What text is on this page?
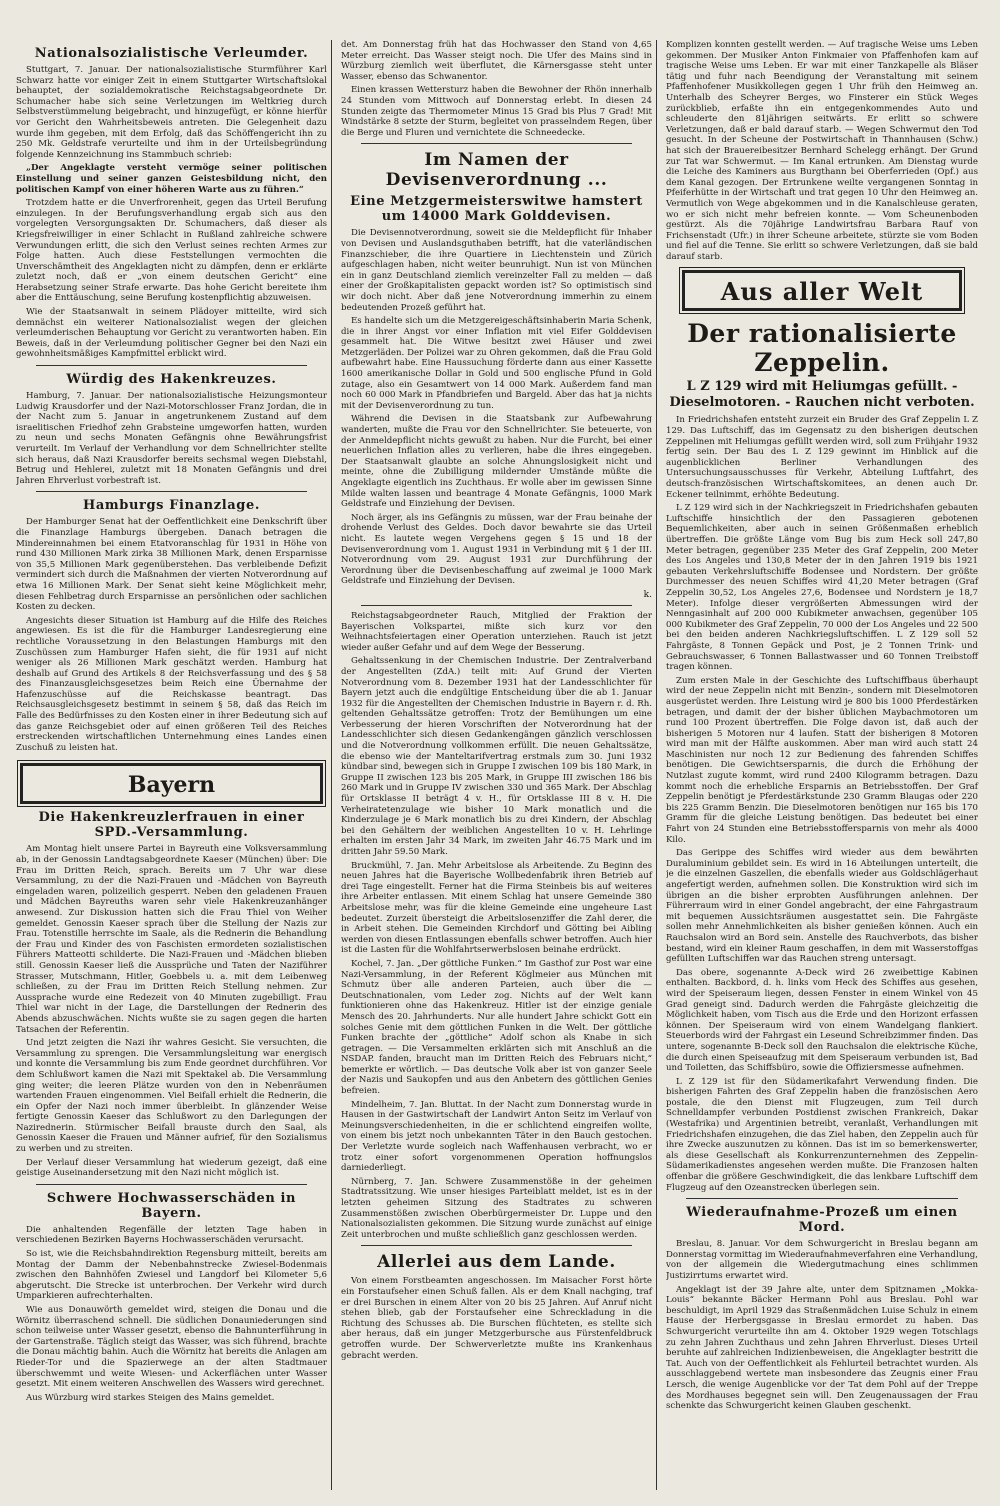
Nationalsozialistische Verleumder.

Stuttgart, 7. Januar. Der nationalsozialistische Sturmführer Karl Schwarz hatte vor einiger Zeit in einem Stuttgarter Wirtschaftslokal behauptet, der sozialdemokratische Reichstagsabgeordnete Dr. Schumacher habe sich seine Verletzungen im Weltkrieg durch Selbstverstümmelung beigebracht, und hinzugefügt, er könne hierfür vor Gericht den Wahrheitsbeweis antreten. Die Gelegenheit dazu wurde ihm gegeben, mit dem Erfolg, daß das Schöffengericht ihn zu 250 Mk. Geldstrafe verurteilte und ihm in der Urteilsbegründung folgende Kennzeichnung ins Stammbuch schrieb:

„Der Angeklagte versteht vermöge seiner politischen Einstellung und seiner ganzen Geistesbildung nicht, den politischen Kampf von einer höheren Warte aus zu führen.“

Trotzdem hatte er die Unverfrorenheit, gegen das Urteil Berufung einzulegen. In der Berufungsverhandlung ergab sich aus den vorgelegten Versorgungsakten Dr. Schumachers, daß dieser als Kriegsfreiwilliger in einer Schlacht in Rußland zahlreiche schwere Verwundungen erlitt, die sich den Verlust seines rechten Armes zur Folge hatten. Auch diese Feststellungen vermochten die Unverschämtheit des Angeklagten nicht zu dämpfen, denn er erklärte zuletzt noch, daß er „von einem deutschen Gericht“ eine Herabsetzung seiner Strafe erwarte. Das hohe Gericht bereitete ihm aber die Enttäuschung, seine Berufung kostenpflichtig abzuweisen.

Wie der Staatsanwalt in seinem Plädoyer mitteilte, wird sich demnächst ein weiterer Nationalsozialist wegen der gleichen verleumderischen Behauptung vor Gericht zu verantworten haben. Ein Beweis, daß in der Verleumdung politischer Gegner bei den Nazi ein gewohnheitsmäßiges Kampfmittel erblickt wird.

Würdig des Hakenkreuzes.

Hamburg, 7. Januar. Der nationalsozialistische Heizungsmonteur Ludwig Krausdorfer und der Nazi-Motorschlosser Franz Jordan, die in der Nacht zum 5. Januar in angetrunkenem Zustand auf dem israelitischen Friedhof zehn Grabsteine umgeworfen hatten, wurden zu neun und sechs Monaten Gefängnis ohne Bewährungsfrist verurteilt. Im Verlauf der Verhandlung vor dem Schnellrichter stellte sich heraus, daß Nazi Krausdorfer bereits sechsmal wegen Diebstahl, Betrug und Hehlerei, zuletzt mit 18 Monaten Gefängnis und drei Jahren Ehrverlust vorbestraft ist.

Hamburgs Finanzlage.

Der Hamburger Senat hat der Oeffentlichkeit eine Denkschrift über die Finanzlage Hamburgs übergeben. Danach betragen die Mindereinnahmen bei einem Etatvoranschlag für 1931 in Höhe von rund 430 Millionen Mark zirka 38 Millionen Mark, denen Ersparnisse von 35,5 Millionen Mark gegenüberstehen. Das verbleibende Defizit vermindert sich durch die Maßnahmen der vierten Notverordnung auf etwa 16 Millionen Mark. Der Senat sieht keine Möglichkeit mehr, diesen Fehlbetrag durch Ersparnisse an persönlichen oder sachlichen Kosten zu decken.

Angesichts dieser Situation ist Hamburg auf die Hilfe des Reiches angewiesen. Es ist die für die Hamburger Landesregierung eine rechtliche Voraussetzung in den Belastungen Hamburgs mit den Zuschüssen zum Hamburger Hafen sieht, die für 1931 auf nicht weniger als 26 Millionen Mark geschätzt werden. Hamburg hat deshalb auf Grund des Artikels 8 der Reichsverfassung und des § 58 des Finanzausgleichsgesetzes beim Reich eine Übernahme der Hafenzuschüsse auf die Reichskasse beantragt. Das Reichsausgleichsgesetz bestimmt in seinem § 58, daß das Reich im Falle des Bedürfnisses zu den Kosten einer in ihrer Bedeutung sich auf das ganze Reichsgebiet oder auf einen größeren Teil des Reiches erstreckenden wirtschaftlichen Unternehmung eines Landes einen Zuschuß zu leisten hat.

Bayern
Die Hakenkreuzlerfrauen in einer SPD.-Versammlung.

Am Montag hielt unsere Partei in Bayreuth eine Volksversammlung ab, in der Genossin Landtagsabgeordnete Kaeser (München) über: Die Frau im Dritten Reich, sprach. Bereits um 7 Uhr war diese Versammlung, zu der die Nazi-Frauen und -Mädchen von Bayreuth eingeladen waren, polizeilich gesperrt. Neben den geladenen Frauen und Mädchen Bayreuths waren sehr viele Hakenkreuzanhänger anwesend. Zur Diskussion hatten sich die Frau Thiel von Weiher gemeldet. Genossin Kaeser sprach über die Stellung der Nazis zur Frau. Totenstille herrschte im Saale, als die Rednerin die Behandlung der Frau und Kinder des von Faschisten ermordeten sozialistischen Führers Matteotti schilderte. Die Nazi-Frauen und -Mädchen blieben still. Genossin Kaeser ließ die Aussprüche und Taten der Naziführer Strasser, Mutschmann, Hitler, Goebbels u. a. mit dem Leibenweg schließen, zu der Frau im Dritten Reich Stellung nehmen. Zur Aussprache wurde eine Redezeit von 40 Minuten zugebilligt. Frau Thiel war nicht in der Lage, die Darstellungen der Rednerin des Abends abzuschwächen. Nichts wußte sie zu sagen gegen die harten Tatsachen der Referentin.

Und jetzt zeigten die Nazi ihr wahres Gesicht. Sie versuchten, die Versammlung zu sprengen. Die Versammlungsleitung war energisch und konnte die Versammlung bis zum Ende geordnet durchführen. Vor dem Schlußwort kamen die Nazi mit Spektakel ab. Die Versammlung ging weiter; die leeren Plätze wurden von den in Nebenräumen wartenden Frauen eingenommen. Viel Beifall erhielt die Rednerin, die ein Opfer der Nazi noch immer überbleibt. In glänzender Weise fertigte Genossin Kaeser das Schlußwort zu den Darlegungen der Nazirednerin. Stürmischer Beifall brauste durch den Saal, als Genossin Kaeser die Frauen und Männer aufrief, für den Sozialismus zu werben und zu streiten.

Der Verlauf dieser Versammlung hat wiederum gezeigt, daß eine geistige Auseinandersetzung mit den Nazi nicht möglich ist.

Schwere Hochwasserschäden in Bayern.

Die anhaltenden Regenfälle der letzten Tage haben in verschiedenen Bezirken Bayerns Hochwasserschäden verursacht.

So ist, wie die Reichsbahndirektion Regensburg mitteilt, bereits am Montag der Damm der Nebenbahnstrecke Zwiesel-Bodenmais zwischen den Bahnhöfen Zwiesel und Langdorf bei Kilometer 5,6 abgerutscht. Die Strecke ist unterbrochen. Der Verkehr wird durch Umparkieren aufrechterhalten.

Wie aus Donauwörth gemeldet wird, steigen die Donau und die Wörnitz überraschend schnell. Die südlichen Donauniederungen sind schon teilweise unter Wasser gesetzt, ebenso die Bahnunterführung in der Gartenstraße. Täglich steigt das Wasser, was sich führend, brachte die Donau mächtig bahin. Auch die Wörnitz hat bereits die Anlagen am Rieder-Tor und die Spazierwege an der alten Stadtmauer überschwemmt und weite Wiesen- und Ackerflächen unter Wasser gesetzt. Mit einem weiteren Anschwellen des Wassers wird gerechnet.

Aus Würzburg wird starkes Steigen des Mains gemeldet.

det. Am Donnerstag früh hat das Hochwasser den Stand von 4,65 Meter erreicht. Das Wasser steigt noch. Die Ufer des Mains sind in Würzburg ziemlich weit überflutet, die Kärnersgasse steht unter Wasser, ebenso das Schwanentor.

Einen krassen Wettersturz haben die Bewohner der Rhön innerhalb 24 Stunden vom Mittwoch auf Donnerstag erlebt. In diesen 24 Stunden zeigte das Thermometer Minus 15 Grad bis Plus 7 Grad! Mit Windstärke 8 setzte der Sturm, begleitet von prasselndem Regen, über die Berge und Fluren und vernichtete die Schneedecke.

Im Namen der Devisenverordnung ...
Eine Metzgermeisterswitwe hamstert um 14000 Mark Golddevisen.

Die Devisennotverordnung, soweit sie die Meldepflicht für Inhaber von Devisen und Auslandsguthaben betrifft, hat die vaterländischen Finanzschieber, die ihre Quartiere in Liechtenstein und Zürich aufgeschlagen haben, nicht weiter beunruhigt. Nun ist von München ein in ganz Deutschland ziemlich vereinzelter Fall zu melden — daß einer der Großkapitalisten gepackt worden ist? So optimistisch sind wir doch nicht. Aber daß jene Notverordnung immerhin zu einem bedeutenden Prozeß geführt hat.

Es handelte sich um die Metzgereigeschäftsinhaberin Maria Schenk, die in ihrer Angst vor einer Inflation mit viel Eifer Golddevisen gesammelt hat. Die Witwe besitzt zwei Häuser und zwei Metzgerläden. Der Polizei war zu Ohren gekommen, daß die Frau Gold aufbewahrt habe. Eine Haussuchung förderte dann aus einer Kassette 1600 amerikanische Dollar in Gold und 500 englische Pfund in Gold zutage, also ein Gesamtwert von 14 000 Mark. Außerdem fand man noch 60 000 Mark in Pfandbriefen und Bargeld. Aber das hat ja nichts mit der Devisenverordnung zu tun.

Während die Devisen in die Staatsbank zur Aufbewahrung wanderten, mußte die Frau vor den Schnellrichter. Sie beteuerte, von der Anmeldepflicht nichts gewußt zu haben. Nur die Furcht, bei einer neuerlichen Inflation alles zu verlieren, habe die ihres eingegeben. Der Staatsanwalt glaubte an solche Ahnungslosigkeit nicht und meinte, ohne die Zubilligung mildernder Umstände müßte die Angeklagte eigentlich ins Zuchthaus. Er wolle aber im gewissen Sinne Milde walten lassen und beantrage 4 Monate Gefängnis, 1000 Mark Geldstrafe und Einziehung der Devisen.

Noch ärger, als ins Gefängnis zu müssen, war der Frau beinahe der drohende Verlust des Geldes. Doch davor bewahrte sie das Urteil nicht. Es lautete wegen Vergehens gegen § 15 und 18 der Devisenverordnung vom 1. August 1931 in Verbindung mit § 1 der III. Notverordnung vom 29. August 1931 zur Durchführung der Verordnung über die Devisenbeschaffung auf zweimal je 1000 Mark Geldstrafe und Einziehung der Devisen.

k.

Reichstagsabgeordneter Rauch, Mitglied der Fraktion der Bayerischen Volkspartei, mißte sich kurz vor den Weihnachtsfeiertagen einer Operation unterziehen. Rauch ist jetzt wieder außer Gefahr und auf dem Wege der Besserung.

Gehaltssenkung in der Chemischen Industrie. Der Zentralverband der Angestellten (ZdA.) teilt mit: Auf Grund der Vierten Notverordnung vom 8. Dezember 1931 hat der Landesschlichter für Bayern jetzt auch die endgültige Entscheidung über die ab 1. Januar 1932 für die Angestellten der Chemischen Industrie in Bayern r. d. Rh. geltenden Gehaltssätze getroffen: Trotz der Bemühungen um eine Verbesserung der hieren Vorschriften der Notverordnung hat der Landesschlichter sich diesen Gedankengängen gänzlich verschlossen und die Notverordnung vollkommen erfüllt. Die neuen Gehaltssätze, die ebenso wie der Manteltarifvertrag erstmals zum 30. Juni 1932 kündbar sind, bewegen sich in Gruppe I zwischen 109 bis 180 Mark, in Gruppe II zwischen 123 bis 205 Mark, in Gruppe III zwischen 186 bis 260 Mark und in Gruppe IV zwischen 330 und 365 Mark. Der Abschlag für Ortsklasse II beträgt 4 v. H., für Ortsklasse III 8 v. H. Die Verheiratetenzulage wie bisher 10 Mark monatlich und die Kinderzulage je 6 Mark monatlich bis zu drei Kindern, der Abschlag bei den Gehältern der weiblichen Angestellten 10 v. H. Lehrlinge erhalten im ersten Jahr 34 Mark, im zweiten Jahr 46.75 Mark und im dritten Jahr 59.50 Mark.

Bruckmühl, 7. Jan. Mehr Arbeitslose als Arbeitende. Zu Beginn des neuen Jahres hat die Bayerische Wollbedenfabrik ihren Betrieb auf drei Tage eingestellt. Ferner hat die Firma Steinbeis bis auf weiteres ihre Arbeiter entlassen. Mit einem Schlag hat unsere Gemeinde 380 Arbeitslose mehr, was für die kleine Gemeinde eine ungeheure Last bedeutet. Zurzeit übersteigt die Arbeitslosenziffer die Zahl derer, die in Arbeit stehen. Die Gemeinden Kirchdorf und Götting bei Aibling werden von diesen Entlassungen ebenfalls schwer betroffen. Auch hier ist die Lasten für die Wohlfahrtserwerbslosen beinahe erdrückt.

Kochel, 7. Jan. „Der göttliche Funken.“ Im Gasthof zur Post war eine Nazi-Versammlung, in der Referent Köglmeier aus München mit Schmutz über alle anderen Parteien, auch über die — Deutschnationalen, vom Leder zog. Nichts auf der Welt kann funktionieren ohne das Hakenkreuz. Hitler ist der einzige geniale Mensch des 20. Jahrhunderts. Nur alle hundert Jahre schickt Gott ein solches Genie mit dem göttlichen Funken in die Welt. Der göttliche Funken brachte der „göttliche“ Adolf schon als Knabe in sich getragen. — Die Versammelten erklärten sich mit Anschluß an die NSDAP. fanden, braucht man im Dritten Reich des Februars nicht,“ bemerkte er wörtlich. — Das deutsche Volk aber ist von ganzer Seele der Nazis und Saukopfen und aus den Anbetern des göttlichen Genies befreien.

Mindelheim, 7. Jan. Bluttat. In der Nacht zum Donnerstag wurde in Hausen in der Gastwirtschaft der Landwirt Anton Seitz im Verlauf von Meinungsverschiedenheiten, in die er schlichtend eingreifen wollte, von einem bis jetzt noch unbekannten Täter in den Bauch gestochen. Der Verletzte wurde sogleich nach Waffenhausen verbracht, wo er trotz einer sofort vorgenommenen Operation hoffnungslos darniederliegt.

Nürnberg, 7. Jan. Schwere Zusammenstöße in der geheimen Stadtratssitzung. Wie unser hiesiges Parteiblatt meldet, ist es in der letzten geheimen Sitzung des Stadtrates zu schweren Zusammenstößen zwischen Oberbürgermeister Dr. Luppe und den Nationalsozialisten gekommen. Die Sitzung wurde zunächst auf einige Zeit unterbrochen und mußte schließlich ganz geschlossen werden.

Allerlei aus dem Lande.

Von einem Forstbeamten angeschossen. Im Maisacher Forst hörte ein Forstaufseher einen Schuß fallen. Als er dem Knall nachging, traf er drei Burschen in einem Alter von 20 bis 25 Jahren. Auf Anruf nicht stehen blieb, gab der Forstaufseher eine Schreckladung in die Richtung des Schusses ab. Die Burschen flüchteten, es stellte sich aber heraus, daß ein junger Metzgerbursche aus Fürstenfeldbruck getroffen wurde. Der Schwerverletzte mußte ins Krankenhaus gebracht werden.

Komplizen konnten gestellt werden. — Auf tragische Weise ums Leben gekommen. Der Musiker Anton Finkmaier von Pfaffenhofen kam auf tragische Weise ums Leben. Er war mit einer Tanzkapelle als Bläser tätig und fuhr nach Beendigung der Veranstaltung mit seinem Pfaffenhofener Musikkollegen gegen 1 Uhr früh den Heimweg an. Unterhalb des Scheyrer Berges, wo Finsterer ein Stück Weges zurückblieb, erfaßte ihn ein entgegenkommendes Auto und schleuderte den 81jährigen seitwärts. Er erlitt so schwere Verletzungen, daß er bald darauf starb. — Wegen Schwermut den Tod gesucht. In der Scheune der Postwirtschaft in Thannhausen (Schw.) hat sich der Brauereibesitzer Bernhard Schelegg erhängt. Der Grund zur Tat war Schwermut. — Im Kanal ertrunken. Am Dienstag wurde die Leiche des Kaminers aus Burgthann bei Oberferrieden (Opf.) aus dem Kanal gezogen. Der Ertrunkene weilte vergangenen Sonntag in Pfeiferhütte in der Wirtschaft und trat gegen 10 Uhr den Heimweg an. Vermutlich von Wege abgekommen und in die Kanalschleuse geraten, wo er sich nicht mehr befreien konnte. — Vom Scheunenboden gestürzt. Als die 70jährige Landwirtsfrau Barbara Rauf von Frichsenstadt (Ufr.) in ihrer Scheune arbeitete, stürzte sie vom Boden und fiel auf die Tenne. Sie erlitt so schwere Verletzungen, daß sie bald darauf starb.

Aus aller Welt
Der rationalisierte Zeppelin.
L Z 129 wird mit Heliumgas gefüllt. - Dieselmotoren. - Rauchen nicht verboten.

In Friedrichshafen entsteht zurzeit ein Bruder des Graf Zeppelin L Z 129. Das Luftschiff, das im Gegensatz zu den bisherigen deutschen Zeppelinen mit Heliumgas gefüllt werden wird, soll zum Frühjahr 1932 fertig sein. Der Bau des L Z 129 gewinnt im Hinblick auf die augenblicklichen Berliner Verhandlungen des Untersuchungsausschusses für Verkehr, Abteilung Luftfahrt, des deutsch-französischen Wirtschaftskomitees, an denen auch Dr. Eckener teilnimmt, erhöhte Bedeutung.

L Z 129 wird sich in der Nachkriegszeit in Friedrichshafen gebauten Luftschiffe hinsichtlich der den Passagieren gebotenen Bequemlichkeiten, aber auch in seinen Größenmaßen erheblich übertreffen. Die größte Länge vom Bug bis zum Heck soll 247,80 Meter betragen, gegenüber 235 Meter des Graf Zeppelin, 200 Meter des Los Angeles und 130,8 Meter der in den Jahren 1919 bis 1921 gebauten Verkehrsluftschiffe Bodensee und Nordstern. Der größte Durchmesser des neuen Schiffes wird 41,20 Meter betragen (Graf Zeppelin 30,52, Los Angeles 27,6, Bodensee und Nordstern je 18,7 Meter). Infolge dieser vergrößerten Abmessungen wird der Nenngasinhalt auf 200 000 Kubikmeter anwachsen, gegenüber 105 000 Kubikmeter des Graf Zeppelin, 70 000 der Los Angeles und 22 500 bei den beiden anderen Nachkriegsluftschiffen. L Z 129 soll 52 Fahrgäste, 8 Tonnen Gepäck und Post, je 2 Tonnen Trink- und Gebrauchswasser, 6 Tonnen Ballastwasser und 60 Tonnen Treibstoff tragen können.

Zum ersten Male in der Geschichte des Luftschiffbaus überhaupt wird der neue Zeppelin nicht mit Benzin-, sondern mit Dieselmotoren ausgerüstet werden. Ihre Leistung wird je 800 bis 1000 Pferdestärken betragen, und damit der der bisher üblichen Maybachmotoren um rund 100 Prozent übertreffen. Die Folge davon ist, daß auch der bisherigen 5 Motoren nur 4 laufen. Statt der bisherigen 8 Motoren wird man mit der Hälfte auskommen. Aber man wird auch statt 24 Maschinisten nur noch 12 zur Bedienung des fahrenden Schiffes benötigen. Die Gewichtsersparnis, die durch die Erhöhung der Nutzlast zugute kommt, wird rund 2400 Kilogramm betragen. Dazu kommt noch die erhebliche Ersparnis an Betriebsstoffen. Der Graf Zeppelin benötigt je Pferdestärkstunde 230 Gramm Blaugas oder 220 bis 225 Gramm Benzin. Die Dieselmotoren benötigen nur 165 bis 170 Gramm für die gleiche Leistung benötigen. Das bedeutet bei einer Fahrt von 24 Stunden eine Betriebsstoffersparnis von mehr als 4000 Kilo.

Das Gerippe des Schiffes wird wieder aus dem bewährten Duraluminium gebildet sein. Es wird in 16 Abteilungen unterteilt, die je die einzelnen Gaszellen, die ebenfalls wieder aus Goldschlägerhaut angefertigt werden, aufnehmen sollen. Die Konstruktion wird sich im übrigen an die bisher erprobten Ausführungen anlehnen. Der Führerraum wird in einer Gondel angebracht, der eine Fahrgastraum mit bequemen Aussichtsräumen ausgestattet sein. Die Fahrgäste sollen mehr Annehmlichkeiten als bisher genießen können. Auch ein Rauchsalon wird an Bord sein. Anstelle des Rauchverbots, das bisher bestand, wird ein kleiner Raum geschaffen, in dem mit Wasserstoffgas gefüllten Luftschiffen war das Rauchen streng untersagt.

Das obere, sogenannte A-Deck wird 26 zweibettige Kabinen enthalten. Backbord, d. h. links vom Heck des Schiffes aus gesehen, wird der Speiseraum liegen, dessen Fenster in einem Winkel von 45 Grad geneigt sind. Dadurch werden die Fahrgäste gleichzeitig die Möglichkeit haben, vom Tisch aus die Erde und den Horizont erfassen können. Der Speiseraum wird von einem Wandelgang flankiert. Steuerbords wird der Fahrgast ein Leseund Schreibzimmer finden. Das untere, sogenannte B-Deck soll den Rauchsalon die elektrische Küche, die durch einen Speiseaufzug mit dem Speiseraum verbunden ist, Bad und Toiletten, das Schiffsbüro, sowie die Offiziersmesse aufnehmen.

L Z 129 ist für den Südamerikafahrt Verwendung finden. Die bisherigen Fahrten des Graf Zeppelin haben die französischen Aero postale, die den Dienst mit Flugzeugen, zum Teil durch Schnelldampfer verbunden Postdienst zwischen Frankreich, Dakar (Westafrika) und Argentinien betreibt, veranlaßt, Verhandlungen mit Friedrichshafen einzugehen, die das Ziel haben, den Zeppelin auch für ihre Zwecke auszunutzen zu können. Das ist im so bemerkenswerter, als diese Gesellschaft als Konkurrenzunternehmen des Zeppelin-Südamerikadienstes angesehen werden mußte. Die Franzosen halten offenbar die größere Geschwindigkeit, die das lenkbare Luftschiff dem Flugzeug auf den Ozeanstrecken überlegen sein.

Wiederaufnahme-Prozeß um einen Mord.

Breslau, 8. Januar. Vor dem Schwurgericht in Breslau begann am Donnerstag vormittag im Wiederaufnahmeverfahren eine Verhandlung, von der allgemein die Wiedergutmachung eines schlimmen Justizirrtums erwartet wird.

Angeklagt ist der 39 Jahre alte, unter dem Spitznamen „Mokka-Louis“ bekannte Bäcker Hermann Pohl aus Breslau. Pohl war beschuldigt, im April 1929 das Straßenmädchen Luise Schulz in einem Hause der Herbergsgasse in Breslau ermordet zu haben. Das Schwurgericht verurteilte ihn am 4. Oktober 1929 wegen Totschlags zu zehn Jahren Zuchthaus und zehn Jahren Ehrverlust. Dieses Urteil beruhte auf zahlreichen Indizienbeweisen, die Angeklagter bestritt die Tat. Auch von der Oeffentlichkeit als Fehlurteil betrachtet wurden. Als ausschlaggebend wertete man insbesondere das Zeugnis einer Frau Lersch, die wenige Augenblicke vor der Tat dem Pohl auf der Treppe des Mordhauses begegnet sein will. Den Zeugenaussagen der Frau schenkte das Schwurgericht keinen Glauben geschenkt.
